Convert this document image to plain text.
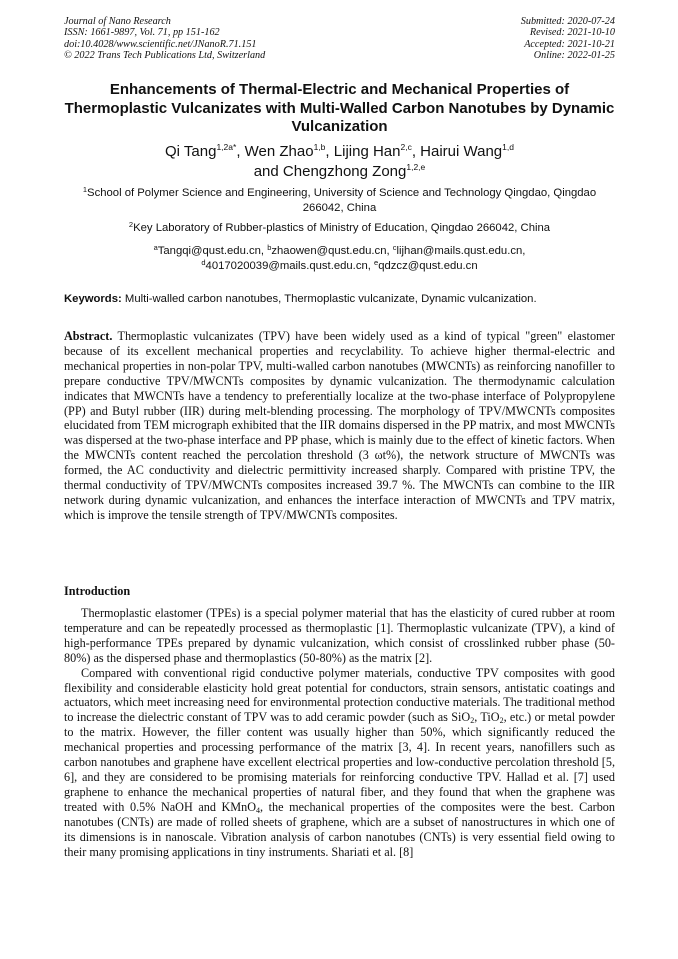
Journal of Nano Research
ISSN: 1661-9897, Vol. 71, pp 151-162
doi:10.4028/www.scientific.net/JNanoR.71.151
© 2022 Trans Tech Publications Ltd, Switzerland
Submitted: 2020-07-24
Revised: 2021-10-10
Accepted: 2021-10-21
Online: 2022-01-25
Enhancements of Thermal-Electric and Mechanical Properties of Thermoplastic Vulcanizates with Multi-Walled Carbon Nanotubes by Dynamic Vulcanization
Qi Tang$^{1,2a*}$, Wen Zhao$^{1,b}$, Lijing Han$^{2,c}$, Hairui Wang$^{1,d}$
and Chengzhong Zong$^{1,2,e}$
$^1$School of Polymer Science and Engineering, University of Science and Technology Qingdao, Qingdao 266042, China
$^2$Key Laboratory of Rubber-plastics of Ministry of Education, Qingdao 266042, China
$^a$Tangqi@qust.edu.cn, $^b$zhaowen@qust.edu.cn, $^c$lijhan@mails.qust.edu.cn,
$^d$4017020039@mails.qust.edu.cn, $^e$qdzcz@qust.edu.cn
Keywords: Multi-walled carbon nanotubes, Thermoplastic vulcanizate, Dynamic vulcanization.

Abstract. Thermoplastic vulcanizates (TPV) have been widely used as a kind of typical "green" elastomer because of its excellent mechanical properties and recyclability. To achieve higher thermal-electric and mechanical properties in non-polar TPV, multi-walled carbon nanotubes (MWCNTs) as reinforcing nanofiller to prepare conductive TPV/MWCNTs composites by dynamic vulcanization. The thermodynamic calculation indicates that MWCNTs have a tendency to preferentially localize at the two-phase interface of Polypropylene (PP) and Butyl rubber (IIR) during melt-blending processing. The morphology of TPV/MWCNTs composites elucidated from TEM micrograph exhibited that the IIR domains dispersed in the PP matrix, and most MWCNTs was dispersed at the two-phase interface and PP phase, which is mainly due to the effect of kinetic factors. When the MWCNTs content reached the percolation threshold (3 ωt%), the network structure of MWCNTs was formed, the AC conductivity and dielectric permittivity increased sharply. Compared with pristine TPV, the thermal conductivity of TPV/MWCNTs composites increased 39.7 %. The MWCNTs can combine to the IIR network during dynamic vulcanization, and enhances the interface interaction of MWCNTs and TPV matrix, which is improve the tensile strength of TPV/MWCNTs composites.

Introduction

Thermoplastic elastomer (TPEs) is a special polymer material that has the elasticity of cured rubber at room temperature and can be repeatedly processed as thermoplastic [1]. Thermoplastic vulcanizate (TPV), a kind of high-performance TPEs prepared by dynamic vulcanization, which consist of crosslinked rubber phase (50-80%) as the dispersed phase and thermoplastics (50-80%) as the matrix [2].

Compared with conventional rigid conductive polymer materials, conductive TPV composites with good flexibility and considerable elasticity hold great potential for conductors, strain sensors, antistatic coatings and actuators, which meet increasing need for environmental protection conductive materials. The traditional method to increase the dielectric constant of TPV was to add ceramic powder (such as SiO$_2$, TiO$_2$, etc.) or metal powder to the matrix. However, the filler content was usually higher than 50%, which significantly reduced the mechanical properties and processing performance of the matrix [3, 4]. In recent years, nanofillers such as carbon nanotubes and graphene have excellent electrical properties and low-conductive percolation threshold [5, 6], and they are considered to be promising materials for reinforcing conductive TPV. Hallad et al. [7] used graphene to enhance the mechanical properties of natural fiber, and they found that when the graphene was treated with 0.5% NaOH and KMnO$_4$, the mechanical properties of the composites were the best. Carbon nanotubes (CNTs) are made of rolled sheets of graphene, which are a subset of nanostructures in which one of its dimensions is in nanoscale. Vibration analysis of carbon nanotubes (CNTs) is very essential field owing to their many promising applications in tiny instruments. Shariati et al. [8]
